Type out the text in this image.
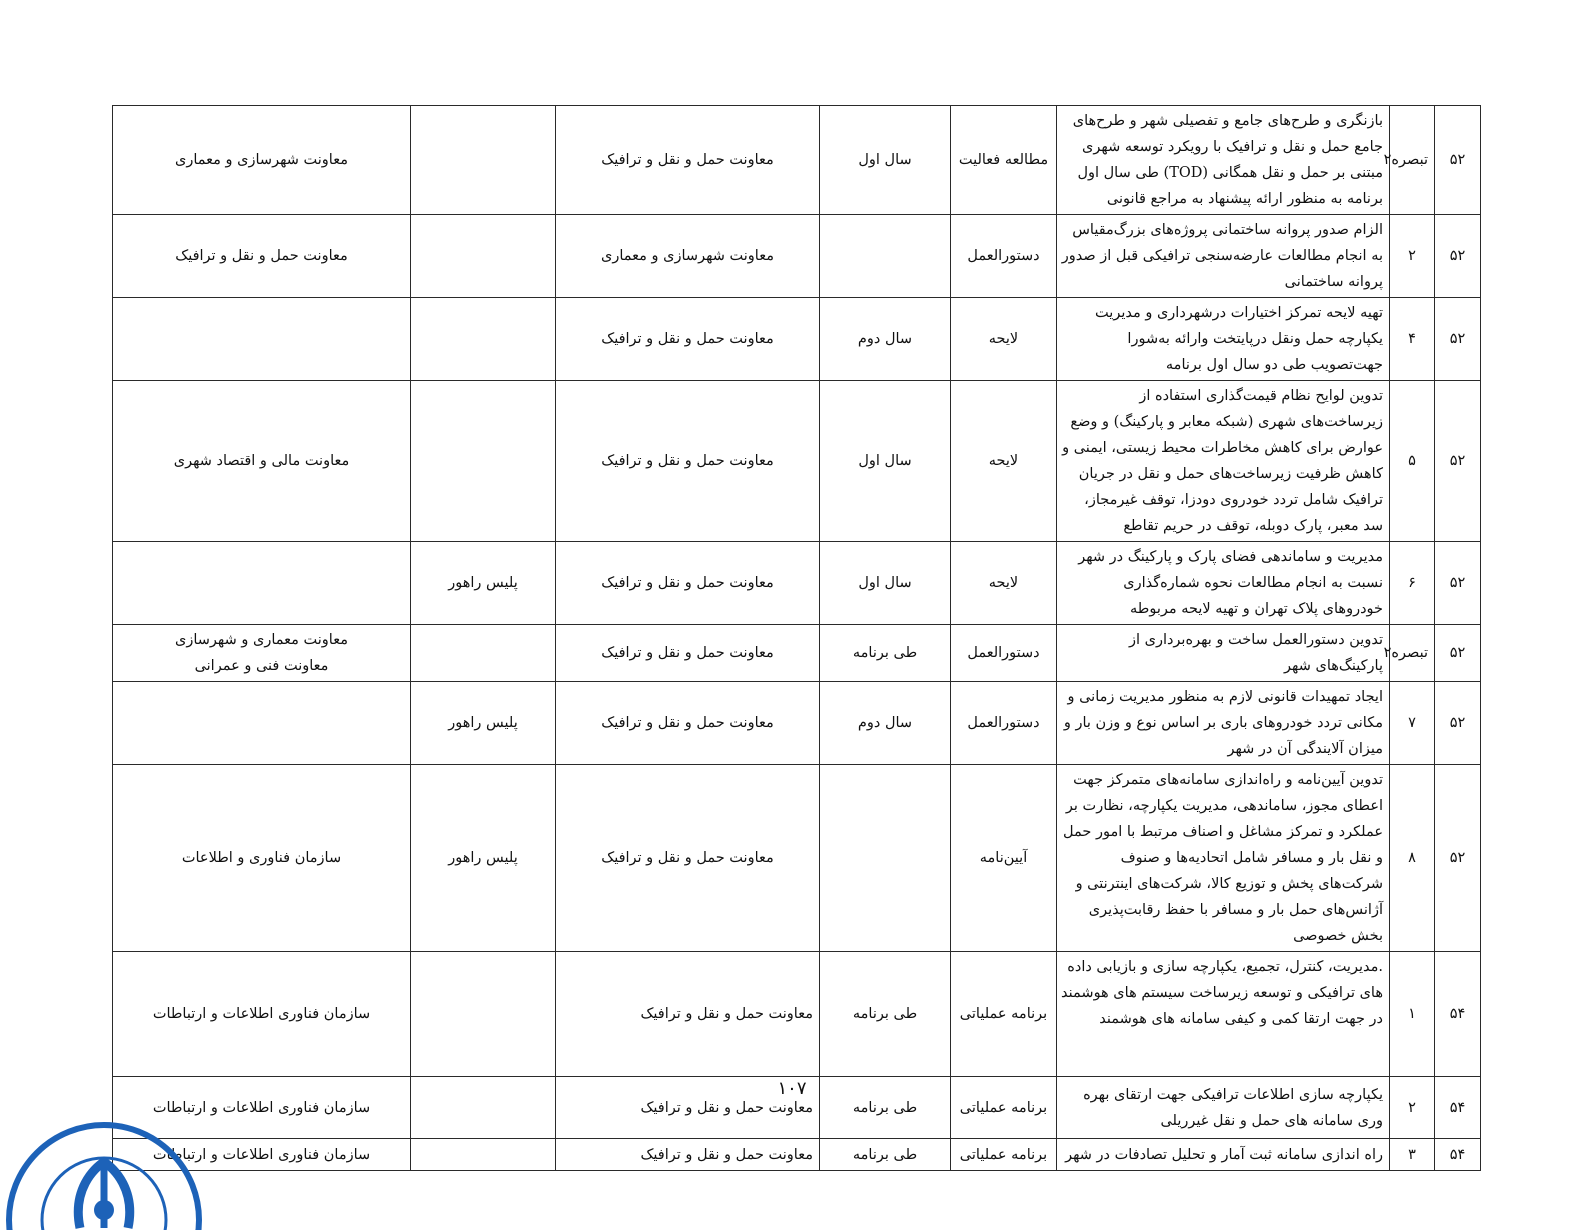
۵۲	تبصره۲	بازنگری و طرح‌های جامع و تفصیلی شهر و طرح‌های جامع حمل و نقل و ترافیک با رویکرد توسعه شهری مبتنی بر حمل و نقل همگانی (TOD) طی سال اول برنامه به منظور ارائه پیشنهاد به مراجع قانونی	مطالعه فعالیت	سال اول	معاونت حمل و نقل و ترافیک		معاونت شهرسازی و معماری
۵۲	۲	الزام صدور پروانه ساختمانی پروژه‌های بزرگ‌مقیاس به انجام مطالعات عارضه‌سنجی ترافیکی قبل از صدور پروانه ساختمانی	دستورالعمل		معاونت شهرسازی و معماری		معاونت حمل و نقل و ترافیک
۵۲	۴	تهیه لایحه تمرکز اختیارات درشهرداری و مدیریت یکپارچه حمل ونقل درپایتخت وارائه به‌شورا جهت‌تصویب طی دو سال اول برنامه	لایحه	سال دوم	معاونت حمل و نقل و ترافیک		
۵۲	۵	تدوین لوایح نظام قیمت‌گذاری استفاده از زیرساخت‌های شهری (شبکه معابر و پارکینگ) و وضع عوارض برای کاهش مخاطرات محیط زیستی، ایمنی و کاهش ظرفیت زیرساخت‌های حمل و نقل در جریان ترافیک شامل تردد خودروی دودزا، توقف غیرمجاز، سد معبر، پارک دوبله، توقف در حریم تقاطع	لایحه	سال اول	معاونت حمل و نقل و ترافیک		معاونت مالی و اقتصاد شهری
۵۲	۶	مدیریت و ساماندهی فضای پارک و پارکینگ در شهر نسبت به انجام مطالعات نحوه شماره‌گذاری خودروهای پلاک تهران و تهیه لایحه مربوطه	لایحه	سال اول	معاونت حمل و نقل و ترافیک	پلیس راهور	
۵۲	تبصره۲	تدوین دستورالعمل ساخت و بهره‌برداری از پارکینگ‌های شهر	دستورالعمل	طی برنامه	معاونت حمل و نقل و ترافیک		معاونت معماری و شهرسازی
معاونت فنی و عمرانی
۵۲	۷	ایجاد تمهیدات قانونی لازم به منظور مدیریت زمانی و مکانی تردد خودروهای باری بر اساس نوع و وزن بار و میزان آلایندگی آن در شهر	دستورالعمل	سال دوم	معاونت حمل و نقل و ترافیک	پلیس راهور	
۵۲	۸	تدوین آیین‌نامه و راه‌اندازی سامانه‌های متمرکز جهت اعطای مجوز، ساماندهی، مدیریت یکپارچه، نظارت بر عملکرد و تمرکز مشاغل و اصناف مرتبط با امور حمل و نقل بار و مسافر شامل اتحادیه‌ها و صنوف شرکت‌های پخش و توزیع کالا، شرکت‌های اینترنتی و آژانس‌های حمل بار و مسافر با حفظ رقابت‌پذیری بخش خصوصی	آیین‌نامه		معاونت حمل و نقل و ترافیک	پلیس راهور	سازمان فناوری و اطلاعات
۵۴	۱	.مدیریت، کنترل، تجمیع، یکپارچه سازی و بازیابی داده های ترافیکی و توسعه زیرساخت سیستم های هوشمند در جهت ارتقا کمی و کیفی سامانه های هوشمند	برنامه عملیاتی	طی برنامه	معاونت حمل و نقل و ترافیک		سازمان فناوری اطلاعات و ارتباطات
۵۴	۲	یکپارچه سازی اطلاعات ترافیکی جهت ارتقای بهره وری سامانه های حمل و نقل غیرریلی	برنامه عملیاتی	طی برنامه	معاونت حمل و نقل و ترافیک		سازمان فناوری اطلاعات و ارتباطات
۵۴	۳	راه اندازی سامانه ثبت آمار و تحلیل تصادفات در شهر	برنامه عملیاتی	طی برنامه	معاونت حمل و نقل و ترافیک		سازمان فناوری اطلاعات و ارتباطات
۱۰۷
